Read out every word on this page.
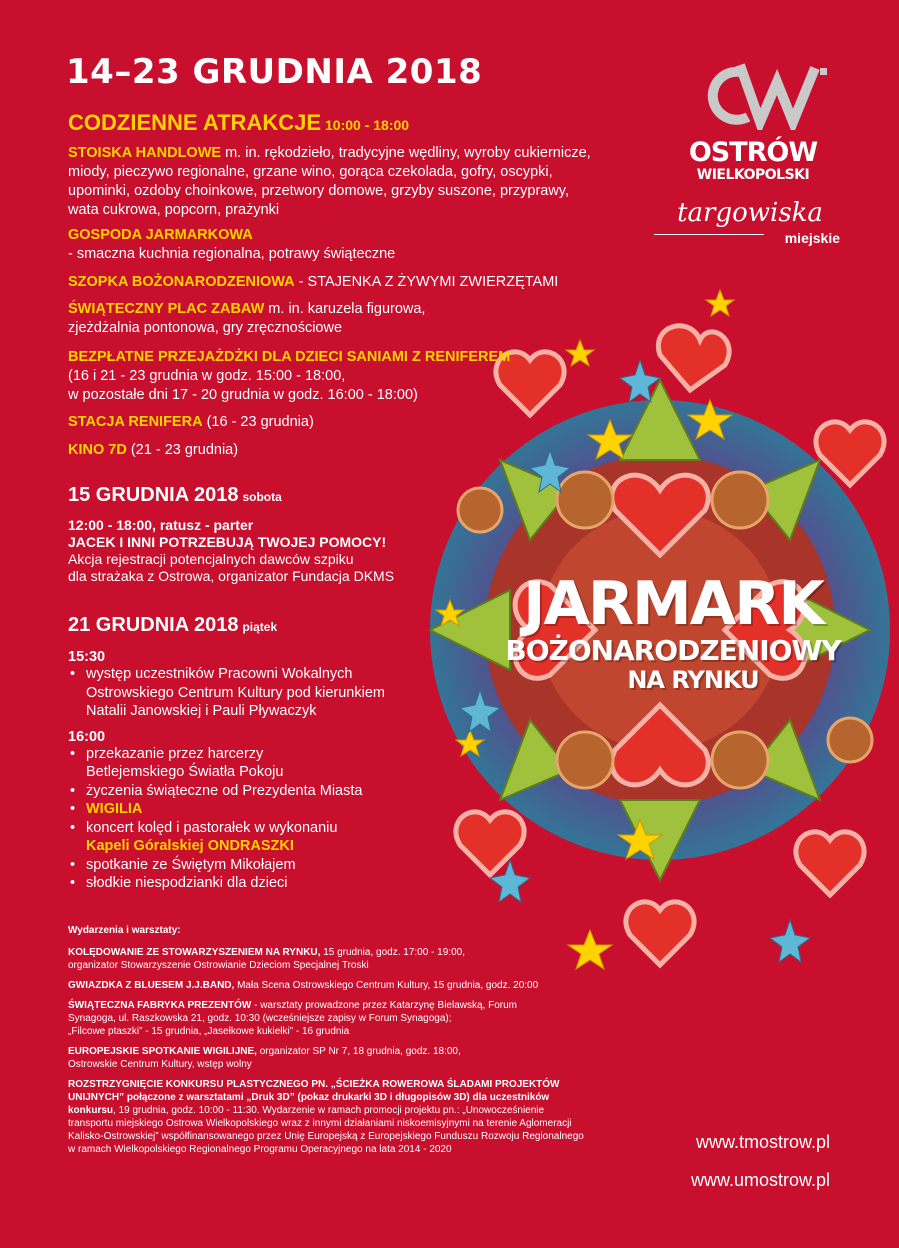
14–23 GRUDNIA 2018
OSTRÓW
WIELKOPOLSKI
targowiska
miejskie
CODZIENNE ATRAKCJE 10:00 - 18:00

STOISKA HANDLOWE m. in. rękodzieło, tradycyjne wędliny, wyroby cukiernicze, miody, pieczywo regionalne, grzane wino, gorąca czekolada, gofry, oscypki, upominki, ozdoby choinkowe, przetwory domowe, grzyby suszone, przyprawy, wata cukrowa, popcorn, prażynki

GOSPODA JARMARKOWA

- smaczna kuchnia regionalna, potrawy świąteczne

SZOPKA BOŻONARODZENIOWA - STAJENKA Z ŻYWYMI ZWIERZĘTAMI

ŚWIĄTECZNY PLAC ZABAW m. in. karuzela figurowa, zjeżdżalnia pontonowa, gry zręcznościowe

BEZPŁATNE PRZEJAŻDŻKI DLA DZIECI SANIAMI Z RENIFEREM

(16 i 21 - 23 grudnia w godz. 15:00 - 18:00,

w pozostałe dni 17 - 20 grudnia w godz. 16:00 - 18:00)

STACJA RENIFERA (16 - 23 grudnia)

KINO 7D (21 - 23 grudnia)

15 GRUDNIA 2018 sobota
12:00 - 18:00, ratusz - parter
JACEK I INNI POTRZEBUJĄ TWOJEJ POMOCY!
Akcja rejestracji potencjalnych dawców szpiku
dla strażaka z Ostrowa, organizator Fundacja DKMS
21 GRUDNIA 2018 piątek
15:30
• występ uczestników Pracowni Wokalnych
Ostrowskiego Centrum Kultury pod kierunkiem
Natalii Janowskiej i Pauli Pływaczyk
16:00
• przekazanie przez harcerzy
Betlejemskiego Światła Pokoju
• życzenia świąteczne od Prezydenta Miasta
• WIGILIA
• koncert kolęd i pastorałek w wykonaniu
Kapeli Góralskiej ONDRASZKI
• spotkanie ze Świętym Mikołajem
• słodkie niespodzianki dla dzieci
JARMARK
BOŻONARODZENIOWY
NA RYNKU
Wydarzenia i warsztaty:
KOLĘDOWANIE ZE STOWARZYSZENIEM NA RYNKU, 15 grudnia, godz. 17:00 - 19:00,
organizator Stowarzyszenie Ostrowianie Dzieciom Specjalnej Troski
GWIAZDKA Z BLUESEM J.J.BAND, Mała Scena Ostrowskiego Centrum Kultury, 15 grudnia, godz. 20:00
ŚWIĄTECZNA FABRYKA PREZENTÓW - warsztaty prowadzone przez Katarzynę Bielawską, Forum
Synagoga, ul. Raszkowska 21, godz. 10:30 (wcześniejsze zapisy w Forum Synagoga);
„Filcowe ptaszki” - 15 grudnia, „Jasełkowe kukiełki” - 16 grudnia
EUROPEJSKIE SPOTKANIE WIGILIJNE, organizator SP Nr 7, 18 grudnia, godz. 18:00,
Ostrowskie Centrum Kultury, wstęp wolny
ROZSTRZYGNIĘCIE KONKURSU PLASTYCZNEGO PN. „ŚCIEŻKA ROWEROWA ŚLADAMI PROJEKTÓW
UNIJNYCH” połączone z warsztatami „Druk 3D” (pokaz drukarki 3D i długopisów 3D) dla uczestników
konkursu, 19 grudnia, godz. 10:00 - 11:30. Wydarzenie w ramach promocji projektu pn.: „Unowocześnienie
transportu miejskiego Ostrowa Wielkopolskiego wraz z innymi działaniami niskoemisyjnymi na terenie Aglomeracji
Kalisko-Ostrowskiej” współfinansowanego przez Unię Europejską z Europejskiego Funduszu Rozwoju Regionalnego
w ramach Wielkopolskiego Regionalnego Programu Operacyjnego na lata 2014 - 2020	www.tmostrow.pl
www.umostrow.pl
